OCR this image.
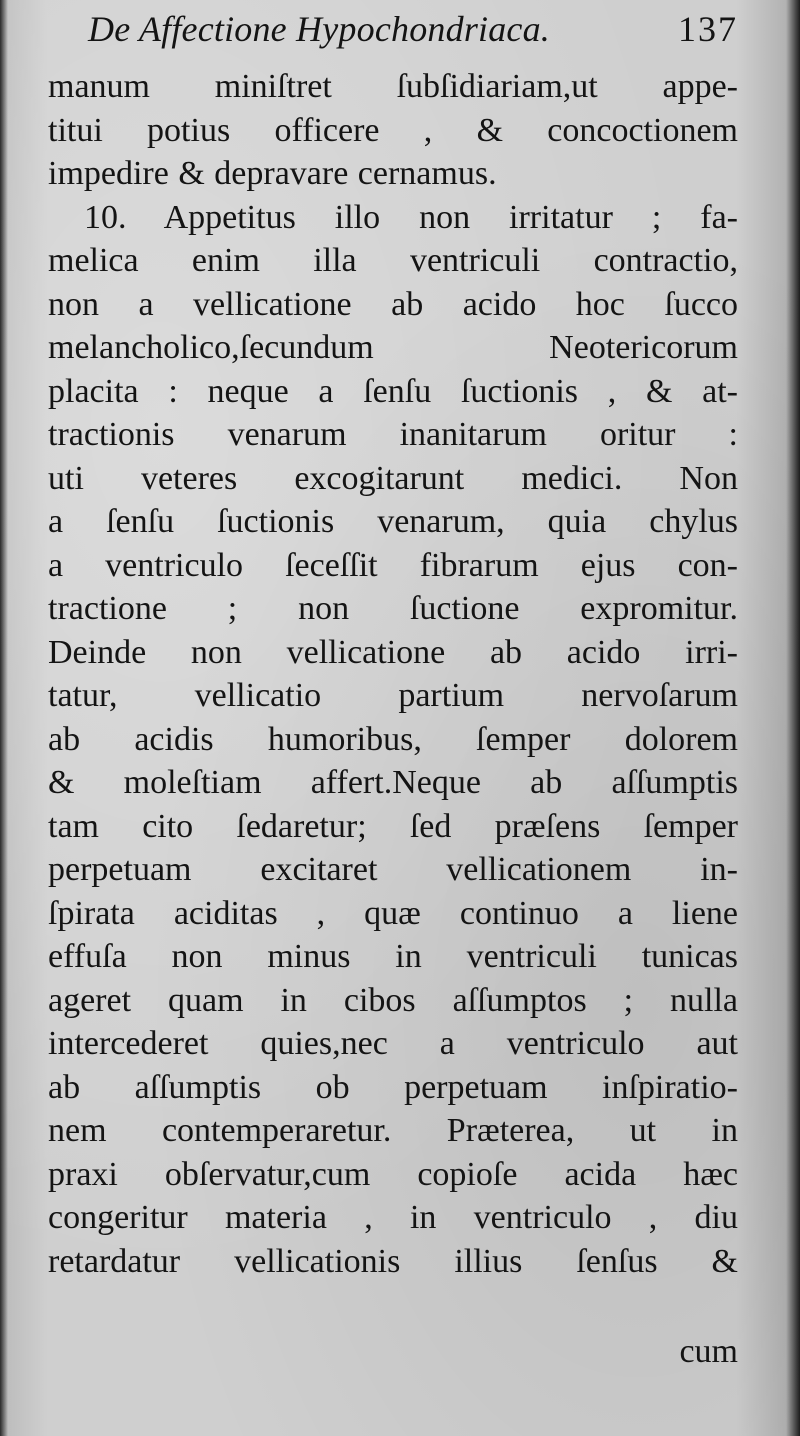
De Affectione Hypochondriaca.	137
manum miniſtret ſubſidiariam,ut appe-
titui potius officere , & concoctionem
impedire & depravare cernamus.
10. Appetitus illo non irritatur ; fa-
melica enim illa ventriculi contractio,
non a vellicatione ab acido hoc ſucco
melancholico,ſecundum Neotericorum
placita : neque a ſenſu ſuctionis , & at-
tractionis venarum inanitarum oritur :
uti veteres excogitarunt medici. Non
a ſenſu ſuctionis venarum, quia chylus
a ventriculo ſeceſſit fibrarum ejus con-
tractione ; non ſuctione expromitur.
Deinde non vellicatione ab acido irri-
tatur, vellicatio partium nervoſarum
ab acidis humoribus, ſemper dolorem
& moleſtiam affert.Neque ab aſſumptis
tam cito ſedaretur; ſed præſens ſemper
perpetuam excitaret vellicationem in-
ſpirata aciditas , quæ continuo a liene
effuſa non minus in ventriculi tunicas
ageret quam in cibos aſſumptos ; nulla
intercederet quies,nec a ventriculo aut
ab aſſumptis ob perpetuam inſpiratio-
nem contemperaretur. Præterea, ut in
praxi obſervatur,cum copioſe acida hæc
congeritur materia , in ventriculo , diu
retardatur vellicationis illius ſenſus &
cum
